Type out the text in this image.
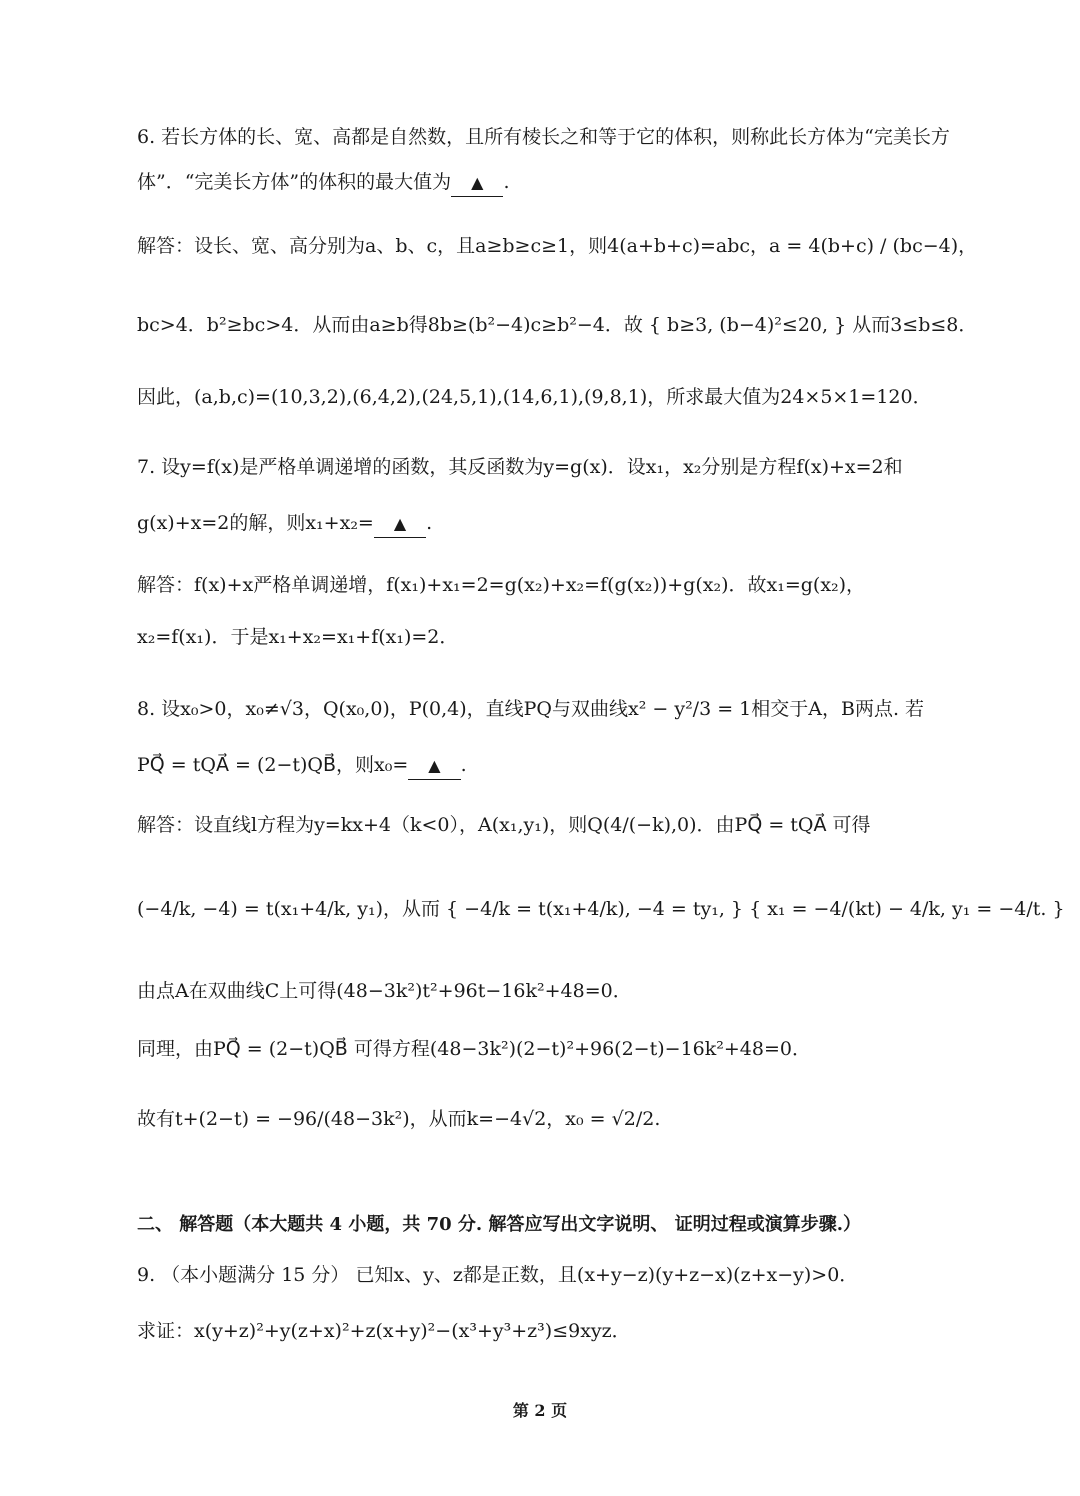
6. 若长方体的长、宽、高都是自然数，且所有棱长之和等于它的体积，则称此长方体为“完美长方
体”．“完美长方体”的体积的最大值为 ▲ .
解答：设长、宽、高分别为a、b、c，且a≥b≥c≥1，则4(a+b+c)=abc，a = 4(b+c) / (bc−4)，
bc>4．b²≥bc>4．从而由a≥b得8b≥(b²−4)c≥b²−4．故 { b≥3, (b−4)²≤20, } 从而3≤b≤8．
因此，(a,b,c)=(10,3,2),(6,4,2),(24,5,1),(14,6,1),(9,8,1)，所求最大值为24×5×1=120．
7. 设y=f(x)是严格单调递增的函数，其反函数为y=g(x)．设x₁，x₂分别是方程f(x)+x=2和
g(x)+x=2的解，则x₁+x₂= ▲ .
解答：f(x)+x严格单调递增，f(x₁)+x₁=2=g(x₂)+x₂=f(g(x₂))+g(x₂)．故x₁=g(x₂)，
x₂=f(x₁)．于是x₁+x₂=x₁+f(x₁)=2．
8. 设x₀>0，x₀≠√3，Q(x₀,0)，P(0,4)，直线PQ与双曲线x² − y²/3 = 1相交于A，B两点. 若
PQ⃗ = tQA⃗ = (2−t)QB⃗，则x₀= ▲ .
解答：设直线l方程为y=kx+4（k<0），A(x₁,y₁)，则Q(4/(−k),0)．由PQ⃗ = tQA⃗ 可得
(−4/k, −4) = t(x₁+4/k, y₁)，从而 { −4/k = t(x₁+4/k), −4 = ty₁, } { x₁ = −4/(kt) − 4/k, y₁ = −4/t. }
由点A在双曲线C上可得(48−3k²)t²+96t−16k²+48=0．
同理，由PQ⃗ = (2−t)QB⃗ 可得方程(48−3k²)(2−t)²+96(2−t)−16k²+48=0．
故有t+(2−t) = −96/(48−3k²)，从而k=−4√2，x₀ = √2/2.
二、 解答题（本大题共 4 小题，共 70 分. 解答应写出文字说明、 证明过程或演算步骤.）
9. （本小题满分 15 分） 已知x、y、z都是正数，且(x+y−z)(y+z−x)(z+x−y)>0．
求证：x(y+z)²+y(z+x)²+z(x+y)²−(x³+y³+z³)≤9xyz．
第 2 页
